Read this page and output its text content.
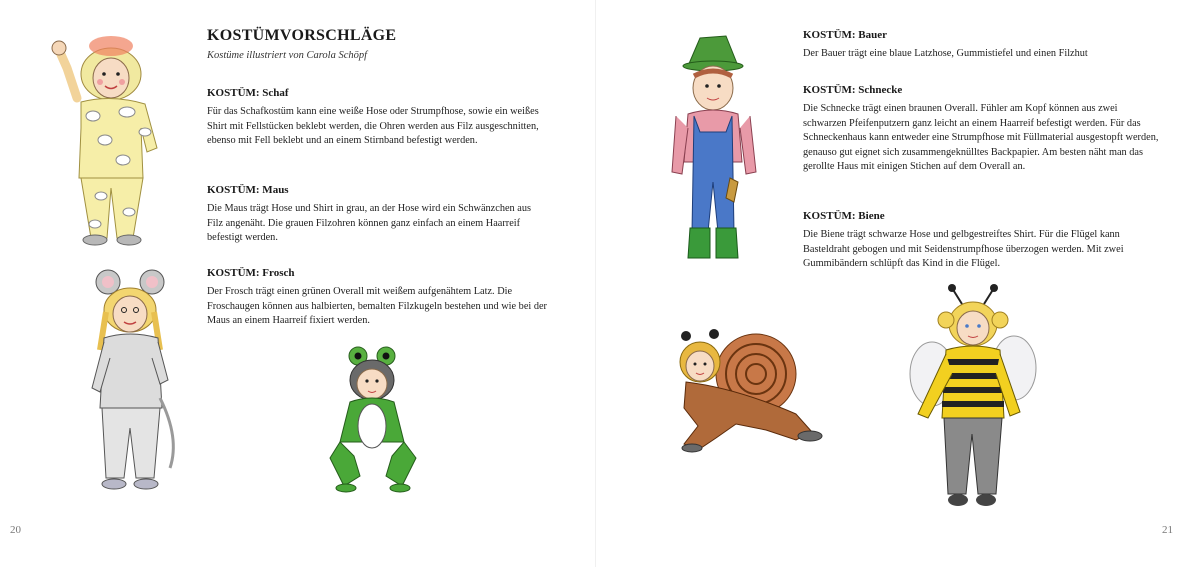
KOSTÜMVORSCHLÄGE
Kostüme illustriert von Carola Schöpf
KOSTÜM: Schaf

Für das Schafkostüm kann eine weiße Hose oder Strumpfhose, sowie ein weißes Shirt mit Fellstücken beklebt werden, die Ohren werden aus Filz ausgeschnitten, ebenso mit Fell beklebt und an einem Stirnband befestigt werden.

KOSTÜM: Maus

Die Maus trägt Hose und Shirt in grau, an der Hose wird ein Schwänzchen aus Filz angenäht. Die grauen Filzohren können ganz einfach an einem Haarreif befestigt werden.

KOSTÜM: Frosch

Der Frosch trägt einen grünen Overall mit weißem aufgenähtem Latz. Die Froschaugen können aus halbierten, bemalten Filzkugeln bestehen und wie bei der Maus an einem Haarreif fixiert werden.

20
KOSTÜM: Bauer

Der Bauer trägt eine blaue Latzhose, Gummistiefel und einen Filzhut

KOSTÜM: Schnecke

Die Schnecke trägt einen braunen Overall. Fühler am Kopf können aus zwei schwarzen Pfeifenputzern ganz leicht an einem Haarreif befestigt werden. Für das Schneckenhaus kann entweder eine Strumpfhose mit Füllmaterial ausgestopft werden, genauso gut eignet sich zusammengeknülltes Backpapier. Am besten näht man das gerollte Haus mit einigen Stichen auf dem Overall an.

KOSTÜM: Biene

Die Biene trägt schwarze Hose und gelbgestreiftes Shirt. Für die Flügel kann Basteldraht gebogen und mit Seidenstrumpfhose überzogen werden. Mit zwei Gummibändern schlüpft das Kind in die Flügel.

21
